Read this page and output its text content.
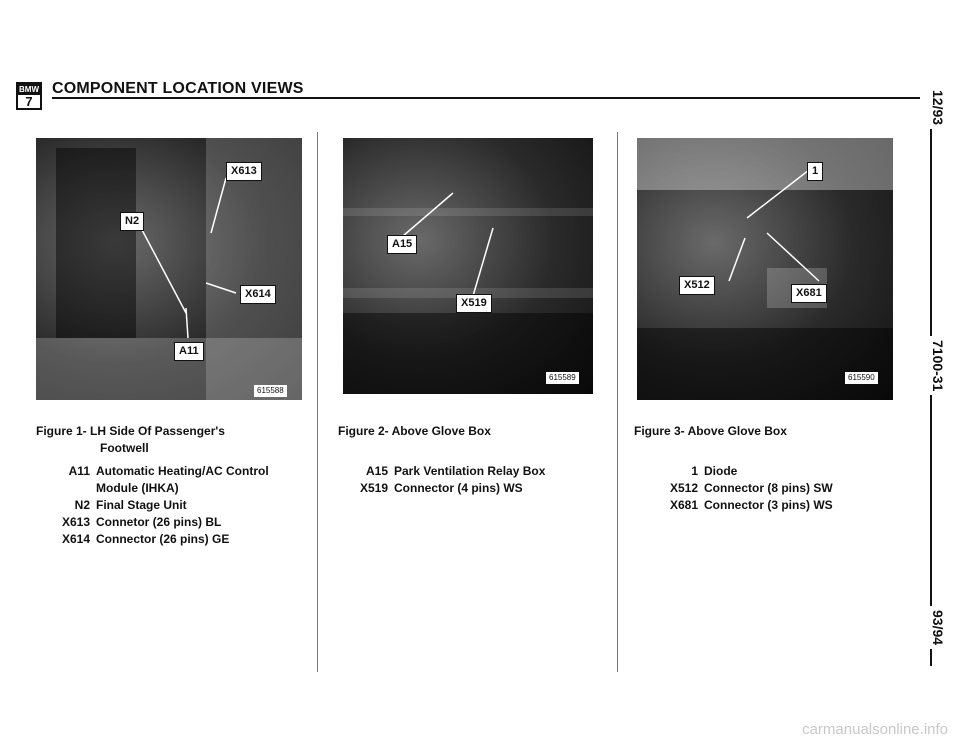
BMW
7
COMPONENT LOCATION VIEWS
X613
N2
X614
A11
615588
A15
X519
615589
1
X512
X681
615590
Figure 1- LH Side Of Passenger's
Footwell
A11 Automatic Heating/AC Control
Module (IHKA)
N2 Final Stage Unit
X613 Connetor (26 pins) BL
X614 Connector (26 pins) GE
Figure 2- Above Glove Box
A15 Park Ventilation Relay Box
X519 Connector (4 pins) WS
Figure 3- Above Glove Box
1 Diode
X512 Connector (8 pins) SW
X681 Connector (3 pins) WS
12/93
7100-31
93/94
carmanualsonline.info
